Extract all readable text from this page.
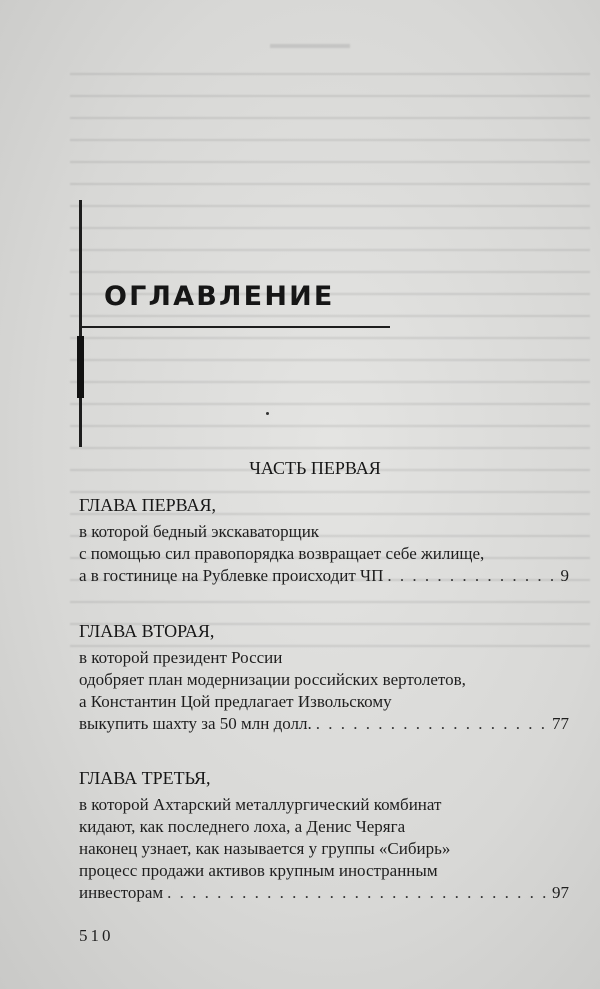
ОГЛАВЛЕНИЕ
ЧАСТЬ ПЕРВАЯ
ГЛАВА ПЕРВАЯ,
в которой бедный экскаваторщик
с помощью сил правопорядка возвращает себе жилище,
а в гостинице на Рублевке происходит ЧП . . .	9
ГЛАВА ВТОРАЯ,
в которой президент России
одобряет план модернизации российских вертолетов,
а Константин Цой предлагает Извольскому
выкупить шахту за 50 млн долл. . . .	77
ГЛАВА ТРЕТЬЯ,
в которой Ахтарский металлургический комбинат
кидают, как последнего лоха, а Денис Черяга
наконец узнает, как называется у группы «Сибирь»
процесс продажи активов крупным иностранным
инвесторам . . .	97
510
